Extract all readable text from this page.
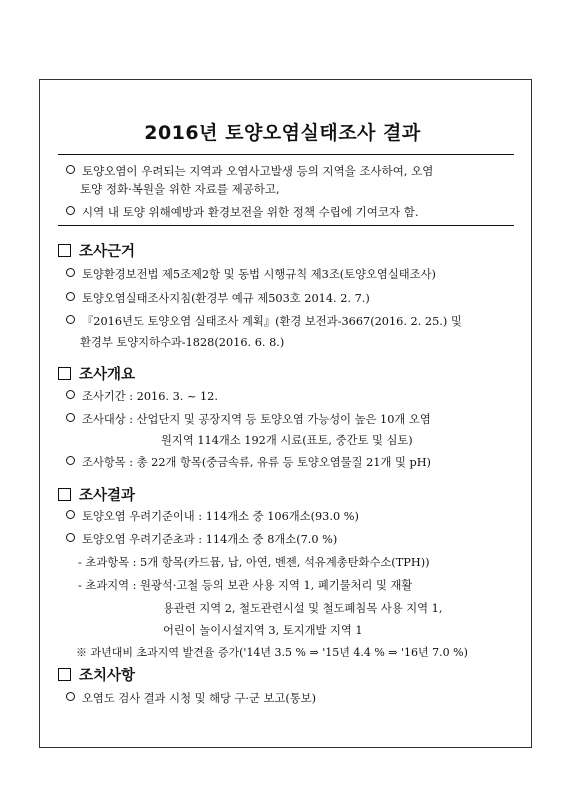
2016년 토양오염실태조사 결과
토양오염이 우려되는 지역과 오염사고발생 등의 지역을 조사하여, 오염
토양 정화·복원을 위한 자료를 제공하고,
시역 내 토양 위해예방과 환경보전을 위한 정책 수립에 기여코자 함.
조사근거
토양환경보전법 제5조제2항 및 동법 시행규칙 제3조(토양오염실태조사)
토양오염실태조사지침(환경부 예규 제503호 2014. 2. 7.)
『2016년도 토양오염 실태조사 계획』(환경 보전과-3667(2016. 2. 25.) 및
환경부 토양지하수과-1828(2016. 6. 8.)
조사개요
조사기간 : 2016. 3. ~ 12.
조사대상 : 산업단지 및 공장지역 등 토양오염 가능성이 높은 10개 오염
원지역 114개소 192개 시료(표토, 중간토 및 심토)
조사항목 : 총 22개 항목(중금속류, 유류 등 토양오염물질 21개 및 pH)
조사결과
토양오염 우려기준이내 : 114개소 중 106개소(93.0 %)
토양오염 우려기준초과 : 114개소 중 8개소(7.0 %)
- 초과항목 : 5개 항목(카드뮴, 납, 아연, 벤젠, 석유계총탄화수소(TPH))
- 초과지역 : 원광석·고철 등의 보관 사용 지역 1, 폐기물처리 및 재활
용관련 지역 2, 철도관련시설 및 철도폐침목 사용 지역 1,
어린이 놀이시설지역 3, 토지개발 지역 1
※ 과년대비 초과지역 발견율 증가('14년 3.5 % ⇒ '15년 4.4 % ⇒ '16년 7.0 %)
조치사항
오염도 검사 결과 시청 및 해당 구·군 보고(통보)
